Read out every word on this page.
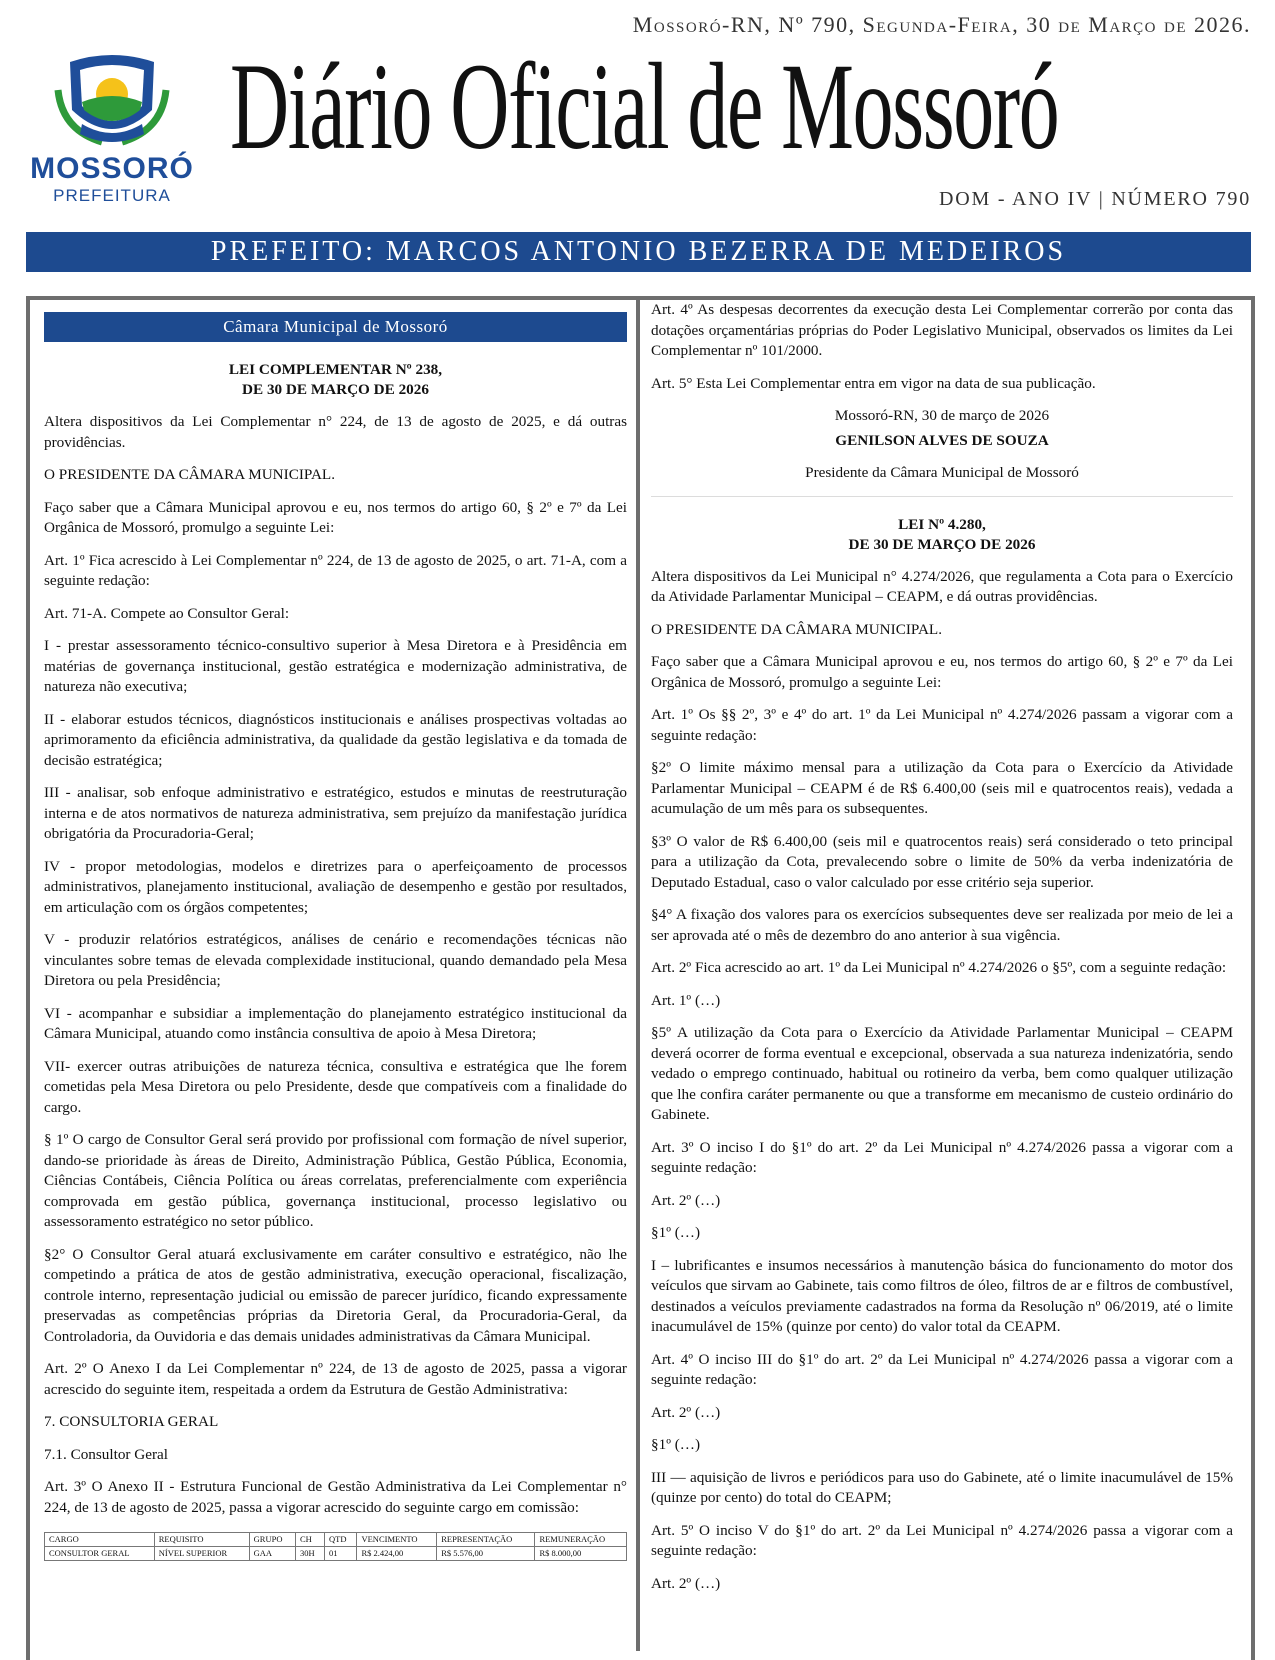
MOSSORÓ
PREFEITURA
Mossoró-RN, Nº 790, Segunda-Feira, 30 de Março de 2026.
Diário Oficial de Mossoró
DOM - ANO IV | NÚMERO 790
PREFEITO: MARCOS ANTONIO BEZERRA DE MEDEIROS
Câmara Municipal de Mossoró

LEI COMPLEMENTAR Nº 238,
DE 30 DE MARÇO DE 2026

Altera dispositivos da Lei Complementar n° 224, de 13 de agosto de 2025, e dá outras providências.

O PRESIDENTE DA CÂMARA MUNICIPAL.

Faço saber que a Câmara Municipal aprovou e eu, nos termos do artigo 60, § 2º e 7º da Lei Orgânica de Mossoró, promulgo a seguinte Lei:

Art. 1º Fica acrescido à Lei Complementar nº 224, de 13 de agosto de 2025, o art. 71-A, com a seguinte redação:

Art. 71-A. Compete ao Consultor Geral:

I - prestar assessoramento técnico-consultivo superior à Mesa Diretora e à Presidência em matérias de governança institucional, gestão estratégica e modernização administrativa, de natureza não executiva;

II - elaborar estudos técnicos, diagnósticos institucionais e análises prospectivas voltadas ao aprimoramento da eficiência administrativa, da qualidade da gestão legislativa e da tomada de decisão estratégica;

III - analisar, sob enfoque administrativo e estratégico, estudos e minutas de reestruturação interna e de atos normativos de natureza administrativa, sem prejuízo da manifestação jurídica obrigatória da Procuradoria-Geral;

IV - propor metodologias, modelos e diretrizes para o aperfeiçoamento de processos administrativos, planejamento institucional, avaliação de desempenho e gestão por resultados, em articulação com os órgãos competentes;

V - produzir relatórios estratégicos, análises de cenário e recomendações técnicas não vinculantes sobre temas de elevada complexidade institucional, quando demandado pela Mesa Diretora ou pela Presidência;

VI - acompanhar e subsidiar a implementação do planejamento estratégico institucional da Câmara Municipal, atuando como instância consultiva de apoio à Mesa Diretora;

VII- exercer outras atribuições de natureza técnica, consultiva e estratégica que lhe forem cometidas pela Mesa Diretora ou pelo Presidente, desde que compatíveis com a finalidade do cargo.

§ 1º O cargo de Consultor Geral será provido por profissional com formação de nível superior, dando-se prioridade às áreas de Direito, Administração Pública, Gestão Pública, Economia, Ciências Contábeis, Ciência Política ou áreas correlatas, preferencialmente com experiência comprovada em gestão pública, governança institucional, processo legislativo ou assessoramento estratégico no setor público.

§2° O Consultor Geral atuará exclusivamente em caráter consultivo e estratégico, não lhe competindo a prática de atos de gestão administrativa, execução operacional, fiscalização, controle interno, representação judicial ou emissão de parecer jurídico, ficando expressamente preservadas as competências próprias da Diretoria Geral, da Procuradoria-Geral, da Controladoria, da Ouvidoria e das demais unidades administrativas da Câmara Municipal.

Art. 2º O Anexo I da Lei Complementar nº 224, de 13 de agosto de 2025, passa a vigorar acrescido do seguinte item, respeitada a ordem da Estrutura de Gestão Administrativa:

7. CONSULTORIA GERAL

7.1. Consultor Geral

Art. 3º O Anexo II - Estrutura Funcional de Gestão Administrativa da Lei Complementar n° 224, de 13 de agosto de 2025, passa a vigorar acrescido do seguinte cargo em comissão:

CARGO	REQUISITO	GRUPO	CH	QTD	VENCIMENTO	REPRESENTAÇÃO	REMUNERAÇÃO
CONSULTOR GERAL	NÍVEL SUPERIOR	GAA	30H	01	R$ 2.424,00	R$ 5.576,00	R$ 8.000,00

Art. 4º As despesas decorrentes da execução desta Lei Complementar correrão por conta das dotações orçamentárias próprias do Poder Legislativo Municipal, observados os limites da Lei Complementar nº 101/2000.

Art. 5° Esta Lei Complementar entra em vigor na data de sua publicação.

Mossoró-RN, 30 de março de 2026

GENILSON ALVES DE SOUZA

Presidente da Câmara Municipal de Mossoró

LEI Nº 4.280,
DE 30 DE MARÇO DE 2026

Altera dispositivos da Lei Municipal n° 4.274/2026, que regulamenta a Cota para o Exercício da Atividade Parlamentar Municipal – CEAPM, e dá outras providências.

O PRESIDENTE DA CÂMARA MUNICIPAL.

Faço saber que a Câmara Municipal aprovou e eu, nos termos do artigo 60, § 2º e 7º da Lei Orgânica de Mossoró, promulgo a seguinte Lei:

Art. 1º Os §§ 2º, 3º e 4º do art. 1º da Lei Municipal nº 4.274/2026 passam a vigorar com a seguinte redação:

§2º O limite máximo mensal para a utilização da Cota para o Exercício da Atividade Parlamentar Municipal – CEAPM é de R$ 6.400,00 (seis mil e quatrocentos reais), vedada a acumulação de um mês para os subsequentes.

§3º O valor de R$ 6.400,00 (seis mil e quatrocentos reais) será considerado o teto principal para a utilização da Cota, prevalecendo sobre o limite de 50% da verba indenizatória de Deputado Estadual, caso o valor calculado por esse critério seja superior.

§4° A fixação dos valores para os exercícios subsequentes deve ser realizada por meio de lei a ser aprovada até o mês de dezembro do ano anterior à sua vigência.

Art. 2º Fica acrescido ao art. 1º da Lei Municipal nº 4.274/2026 o §5º, com a seguinte redação:

Art. 1º (…)

§5º A utilização da Cota para o Exercício da Atividade Parlamentar Municipal – CEAPM deverá ocorrer de forma eventual e excepcional, observada a sua natureza indenizatória, sendo vedado o emprego continuado, habitual ou rotineiro da verba, bem como qualquer utilização que lhe confira caráter permanente ou que a transforme em mecanismo de custeio ordinário do Gabinete.

Art. 3º O inciso I do §1º do art. 2º da Lei Municipal nº 4.274/2026 passa a vigorar com a seguinte redação:

Art. 2º (…)

§1º (…)

I – lubrificantes e insumos necessários à manutenção básica do funcionamento do motor dos veículos que sirvam ao Gabinete, tais como filtros de óleo, filtros de ar e filtros de combustível, destinados a veículos previamente cadastrados na forma da Resolução nº 06/2019, até o limite inacumulável de 15% (quinze por cento) do valor total da CEAPM.

Art. 4º O inciso III do §1º do art. 2º da Lei Municipal nº 4.274/2026 passa a vigorar com a seguinte redação:

Art. 2º (…)

§1º (…)

III — aquisição de livros e periódicos para uso do Gabinete, até o limite inacumulável de 15% (quinze por cento) do total do CEAPM;

Art. 5º O inciso V do §1º do art. 2º da Lei Municipal nº 4.274/2026 passa a vigorar com a seguinte redação:

Art. 2º (…)
